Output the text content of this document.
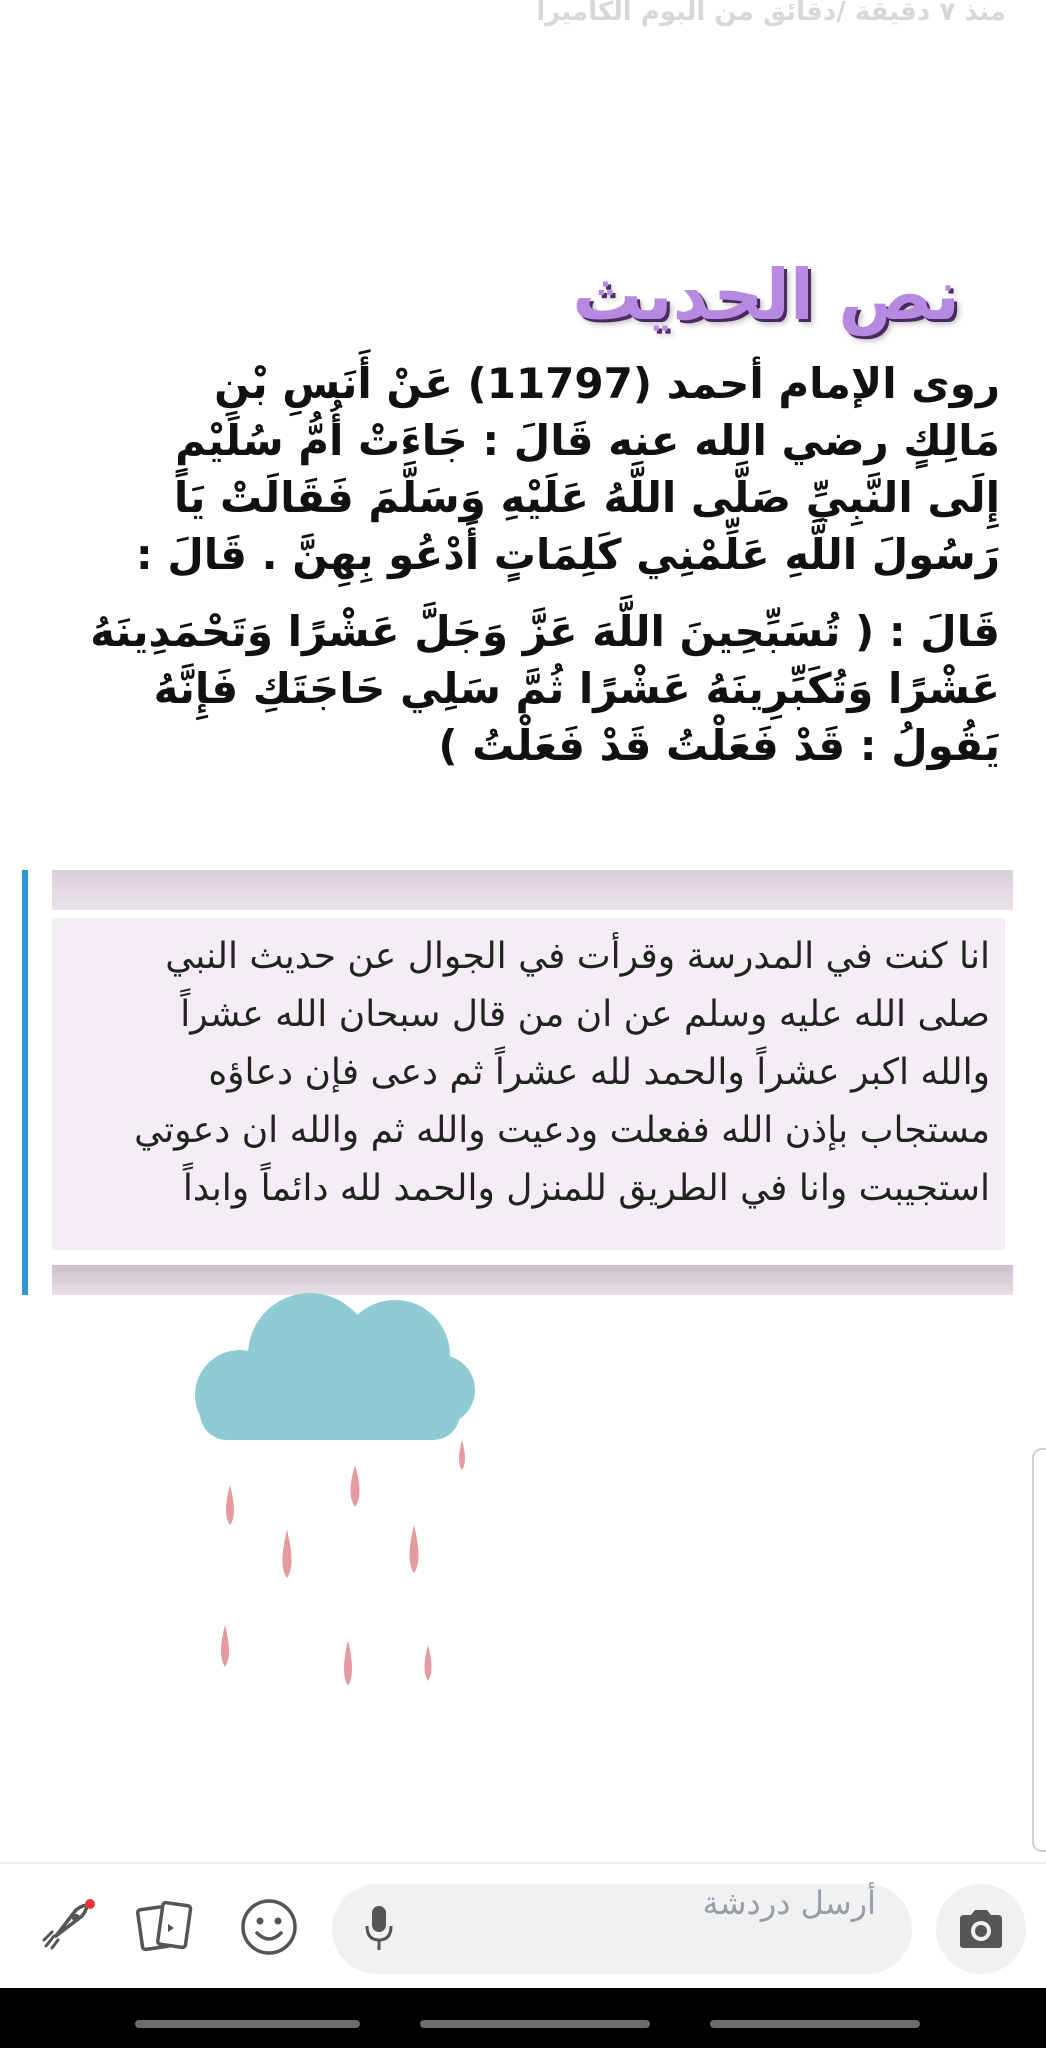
منذ ٧ دقيقة /دقائق من البوم الكاميرا
نص الحديث

روى الإمام أحمد (11797) عَنْ أَنَسِ بْنِ

مَالِكٍ رضي الله عنه قَالَ : جَاءَتْ أُمُّ سُلَيْمٍ

إِلَى النَّبِيِّ صَلَّى اللَّهُ عَلَيْهِ وَسَلَّمَ فَقَالَتْ يَا

رَسُولَ اللَّهِ عَلِّمْنِي كَلِمَاتٍ أَدْعُو بِهِنَّ . قَالَ :

قَالَ : ( تُسَبِّحِينَ اللَّهَ عَزَّ وَجَلَّ عَشْرًا وَتَحْمَدِينَهُ

عَشْرًا وَتُكَبِّرِينَهُ عَشْرًا ثُمَّ سَلِي حَاجَتَكِ فَإِنَّهُ

يَقُولُ : قَدْ فَعَلْتُ قَدْ فَعَلْتُ )

انا كنت في المدرسة وقرأت في الجوال عن حديث النبي

صلى الله عليه وسلم عن ان من قال سبحان الله عشراً

والله اكبر عشراً والحمد لله عشراً ثم دعى فإن دعاؤه

مستجاب بإذن الله ففعلت ودعيت والله ثم والله ان دعوتي

استجيبت وانا في الطريق للمنزل والحمد لله دائماً وابداً

أرسل دردشة
